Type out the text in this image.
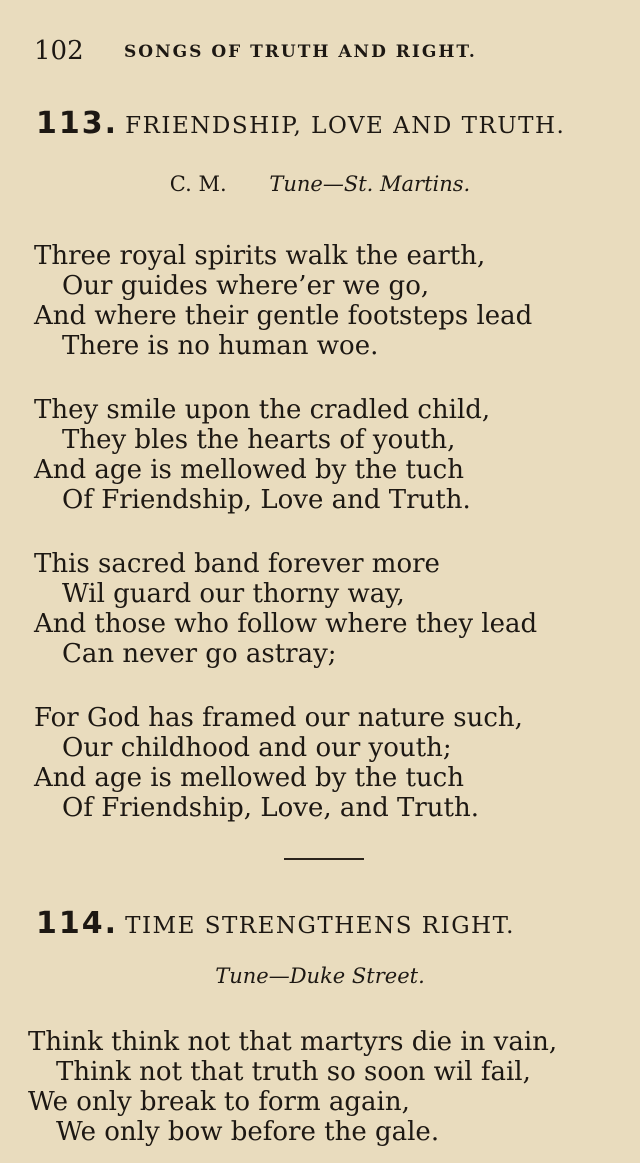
102 SONGS OF TRUTH AND RIGHT.
113. FRIENDSHIP, LOVE AND TRUTH.
C. M. Tune—St. Martins.
Three royal spirits walk the earth,
Our guides where’er we go,
And where their gentle footsteps lead
There is no human woe.
They smile upon the cradled child,
They bles the hearts of youth,
And age is mellowed by the tuch
Of Friendship, Love and Truth.
This sacred band forever more
Wil guard our thorny way,
And those who follow where they lead
Can never go astray;
For God has framed our nature such,
Our childhood and our youth;
And age is mellowed by the tuch
Of Friendship, Love, and Truth.
114. TIME STRENGTHENS RIGHT.
Tune—Duke Street.
Think think not that martyrs die in vain,
Think not that truth so soon wil fail,
We only break to form again,
We only bow before the gale.
